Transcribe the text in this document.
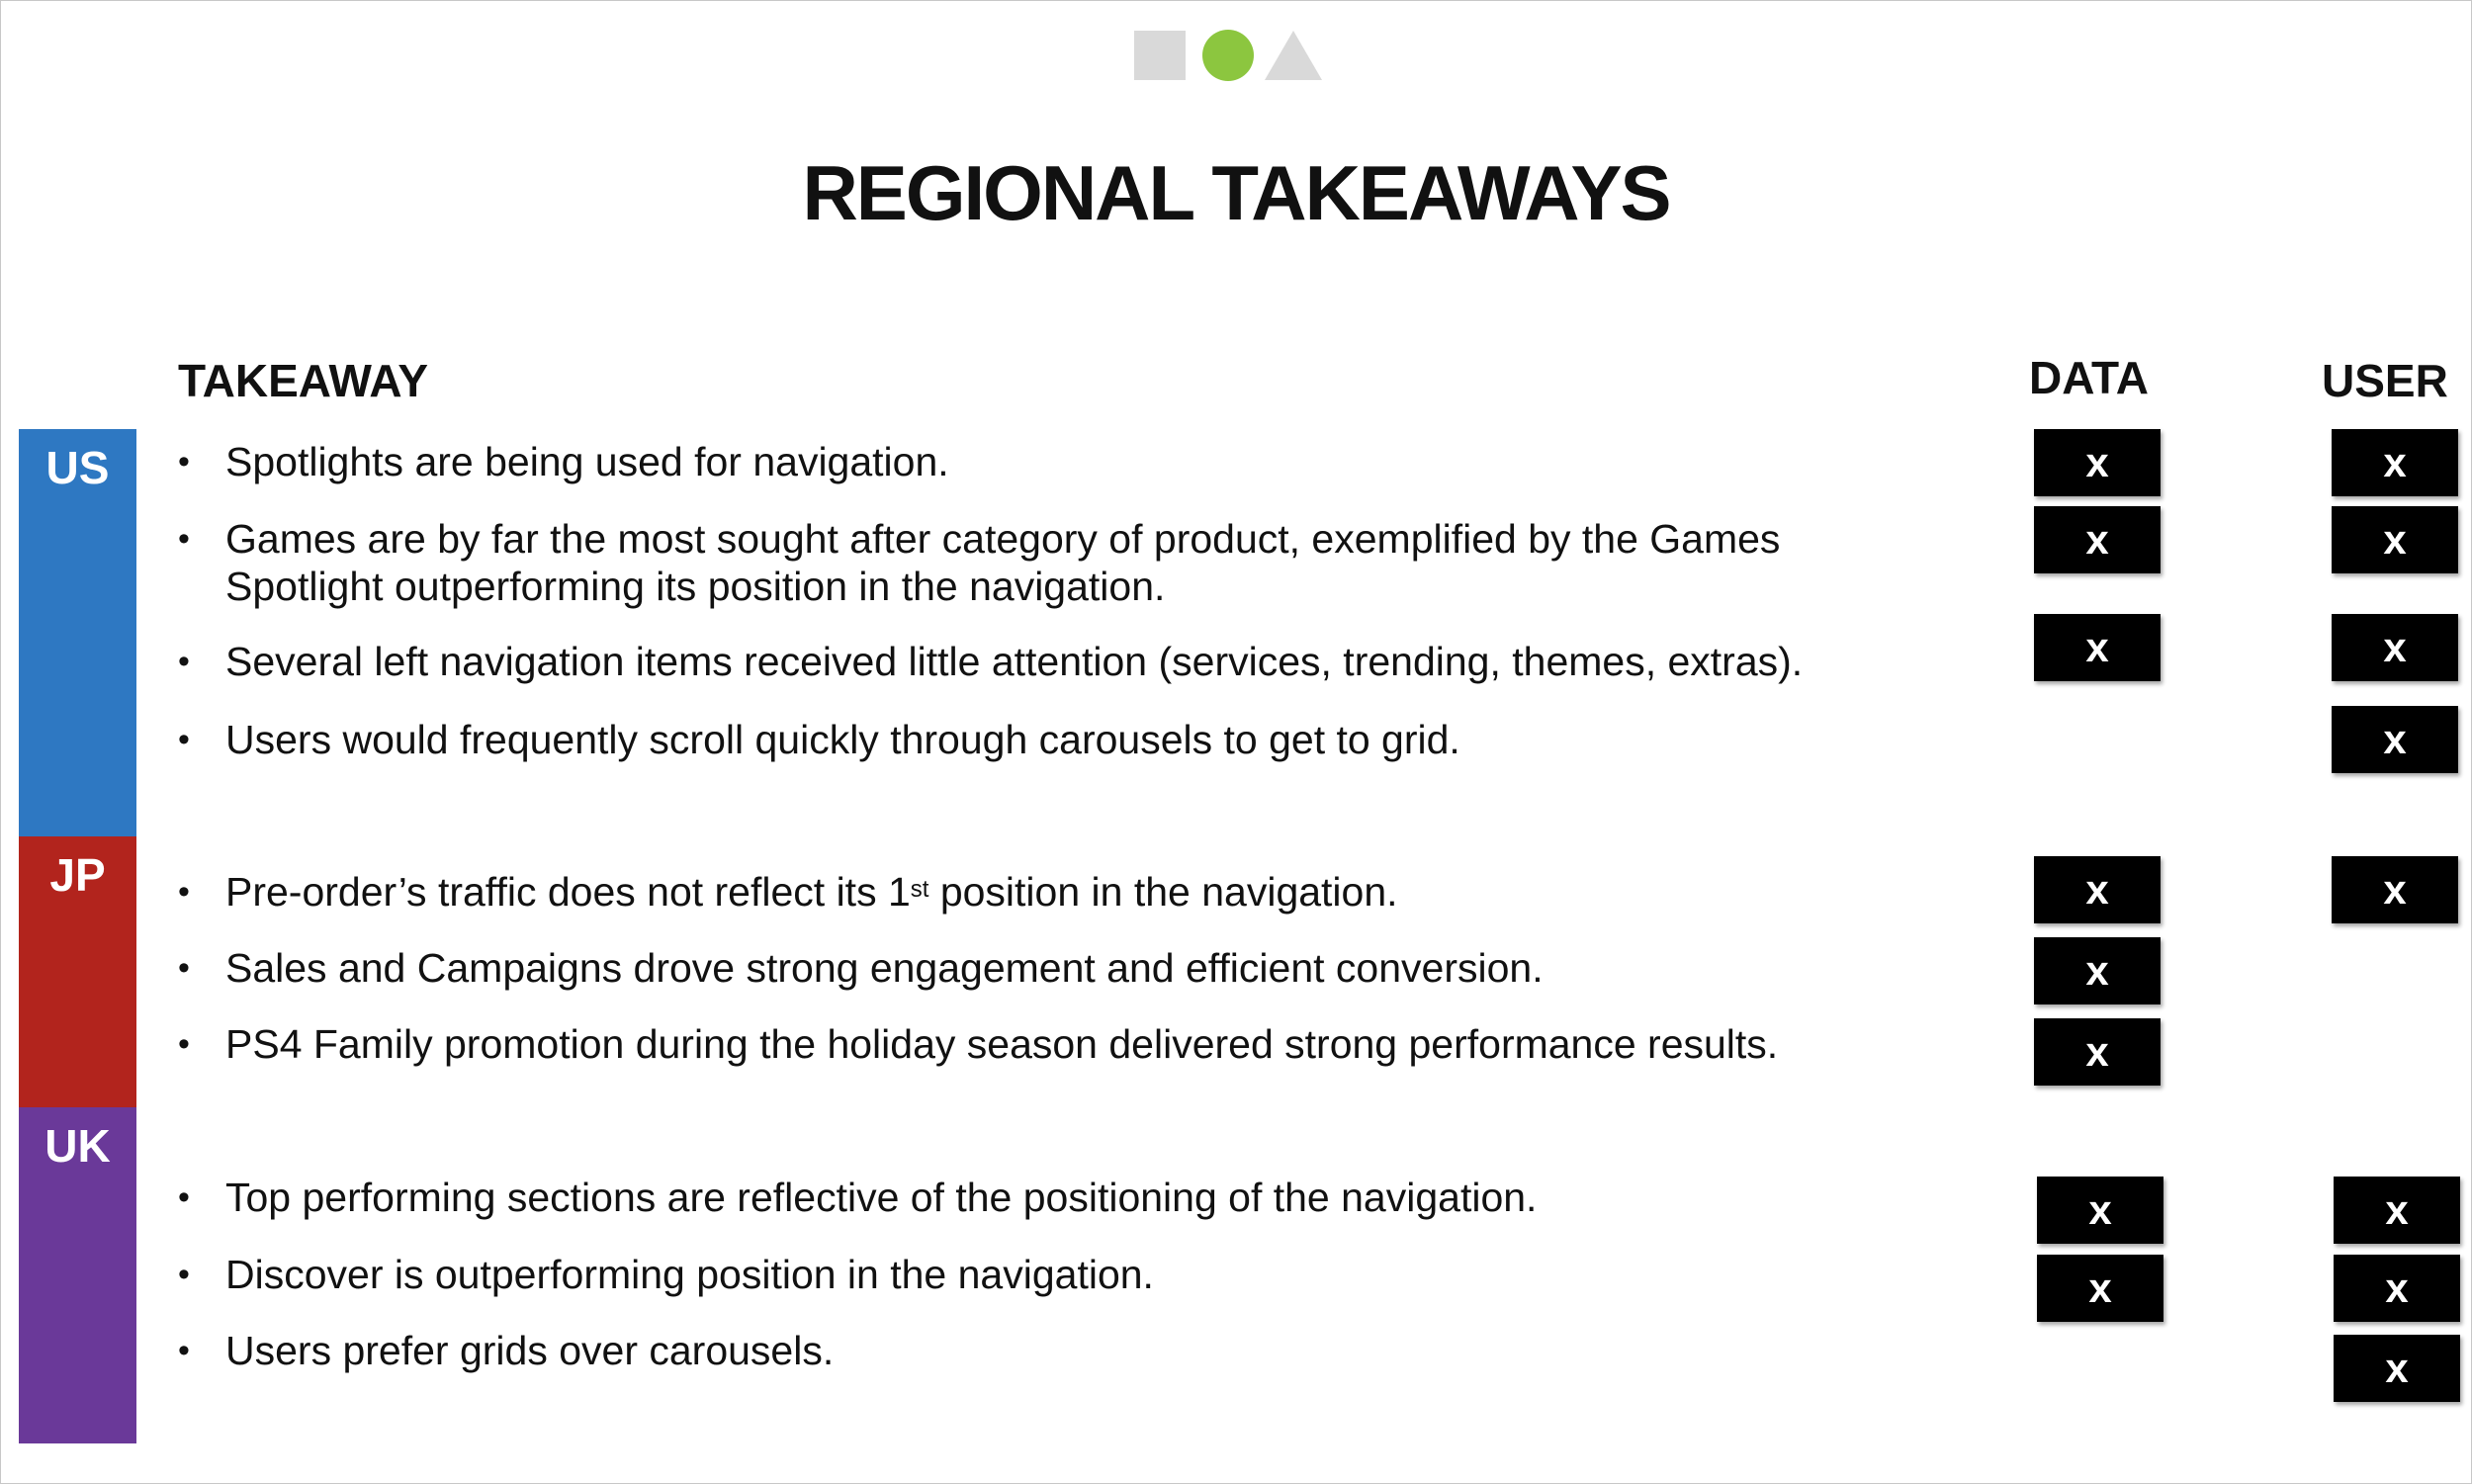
REGIONAL TAKEAWAYS
TAKEAWAY	DATA	USER
US
JP
UK
• Spotlights are being used for navigation.
• Games are by far the most sought after category of product, exemplified by the Games
Spotlight outperforming its position in the navigation.
• Several left navigation items received little attention (services, trending, themes, extras).
• Users would frequently scroll quickly through carousels to get to grid.
• Pre-order’s traffic does not reflect its 1st position in the navigation.
• Sales and Campaigns drove strong engagement and efficient conversion.
• PS4 Family promotion during the holiday season delivered strong performance results.
• Top performing sections are reflective of the positioning of the navigation.
• Discover is outperforming position in the navigation.
• Users prefer grids over carousels.
x
x
x
x
x
x
x
x
x
x
x
x
x
x
x
x
